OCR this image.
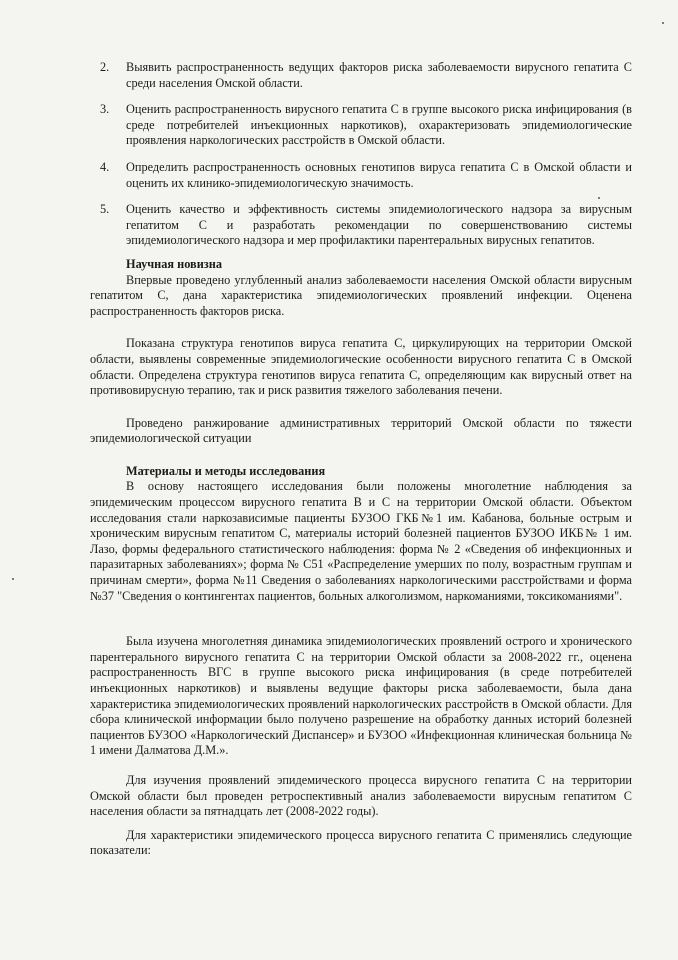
2. Выявить распространенность ведущих факторов риска заболеваемости вирусного гепатита С среди населения Омской области.
3. Оценить распространенность вирусного гепатита С в группе высокого риска инфицирования (в среде потребителей инъекционных наркотиков), охарактеризовать эпидемиологические проявления наркологических расстройств в Омской области.
4. Определить распространенность основных генотипов вируса гепатита С в Омской области и оценить их клинико-эпидемиологическую значимость.
5. Оценить качество и эффективность системы эпидемиологического надзора за вирусным гепатитом С и разработать рекомендации по совершенствованию системы эпидемиологического надзора и мер профилактики парентеральных вирусных гепатитов.

Научная новизна

Впервые проведено углубленный анализ заболеваемости населения Омской области вирусным гепатитом С, дана характеристика эпидемиологических проявлений инфекции. Оценена распространенность факторов риска.

Показана структура генотипов вируса гепатита С, циркулирующих на территории Омской области, выявлены современные эпидемиологические особенности вирусного гепатита С в Омской области. Определена структура генотипов вируса гепатита С, определяющим как вирусный ответ на противовирусную терапию, так и риск развития тяжелого заболевания печени.

Проведено ранжирование административных территорий Омской области по тяжести эпидемиологической ситуации

Материалы и методы исследования

В основу настоящего исследования были положены многолетние наблюдения за эпидемическим процессом вирусного гепатита В и С на территории Омской области. Объектом исследования стали наркозависимые пациенты БУЗОО ГКБ№1 им. Кабанова, больные острым и хроническим вирусным гепатитом С, материалы историй болезней пациентов БУЗОО ИКБ№ 1 им. Лазо, формы федерального статистического наблюдения: форма № 2 «Сведения об инфекционных и паразитарных заболеваниях»; форма № С51 «Распределение умерших по полу, возрастным группам и причинам смерти», форма №11 Сведения о заболеваниях наркологическими расстройствами и форма №37 "Сведения о контингентах пациентов, больных алкоголизмом, наркоманиями, токсикоманиями".

Была изучена многолетняя динамика эпидемиологических проявлений острого и хронического парентерального вирусного гепатита С на территории Омской области за 2008-2022 гг., оценена распространенность ВГС в группе высокого риска инфицирования (в среде потребителей инъекционных наркотиков) и выявлены ведущие факторы риска заболеваемости, была дана характеристика эпидемиологических проявлений наркологических расстройств в Омской области. Для сбора клинической информации было получено разрешение на обработку данных историй болезней пациентов БУЗОО «Наркологический Диспансер» и БУЗОО «Инфекционная клиническая больница № 1 имени Далматова Д.М.».

Для изучения проявлений эпидемического процесса вирусного гепатита С на территории Омской области был проведен ретроспективный анализ заболеваемости вирусным гепатитом С населения области за пятнадцать лет (2008-2022 годы).

Для характеристики эпидемического процесса вирусного гепатита С применялись следующие показатели:
